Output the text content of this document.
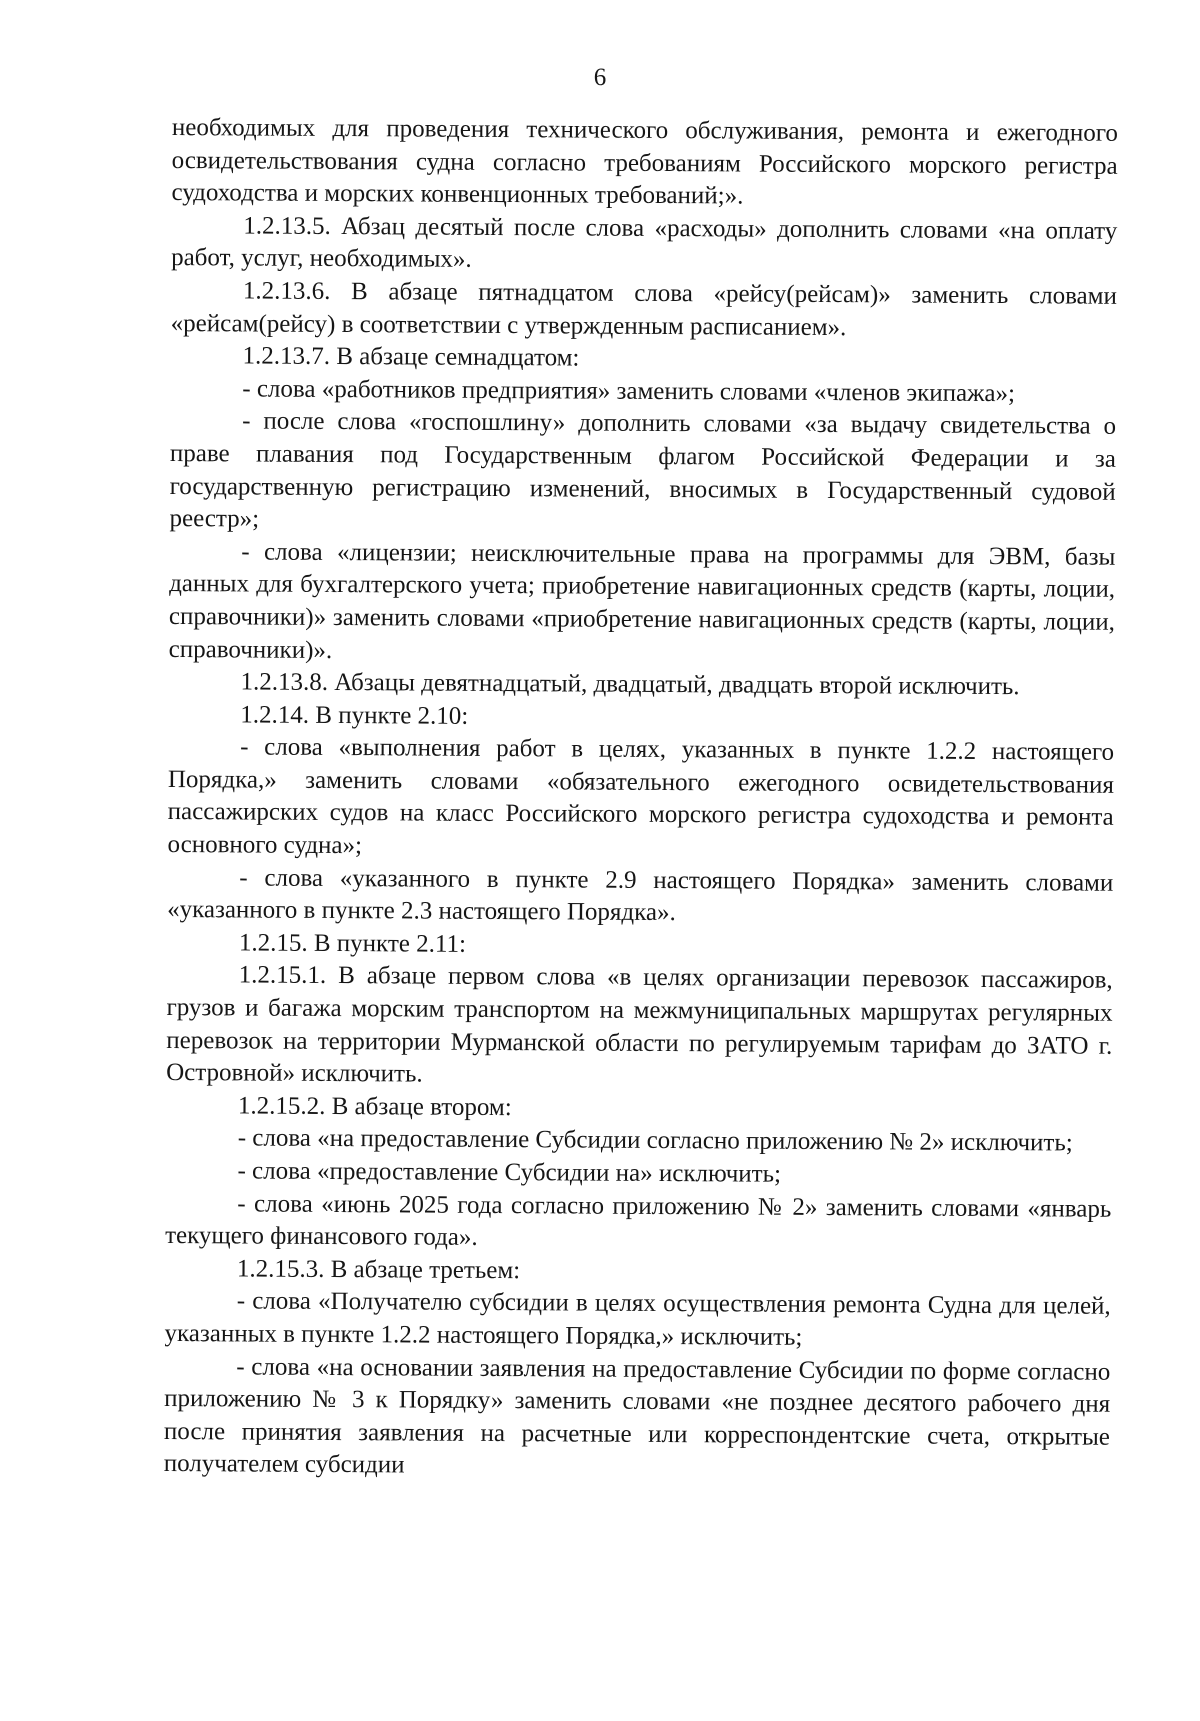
6

необходимых для проведения технического обслуживания, ремонта и ежегодного освидетельствования судна согласно требованиям Российского морского регистра судоходства и морских конвенционных требований;».

1.2.13.5. Абзац десятый после слова «расходы» дополнить словами «на оплату работ, услуг, необходимых».

1.2.13.6. В абзаце пятнадцатом слова «рейсу(рейсам)» заменить словами «рейсам(рейсу) в соответствии с утвержденным расписанием».

1.2.13.7. В абзаце семнадцатом:

- слова «работников предприятия» заменить словами «членов экипажа»;

- после слова «госпошлину» дополнить словами «за выдачу свидетельства о праве плавания под Государственным флагом Российской Федерации и за государственную регистрацию изменений, вносимых в Государственный судовой реестр»;

- слова «лицензии; неисключительные права на программы для ЭВМ, базы данных для бухгалтерского учета; приобретение навигационных средств (карты, лоции, справочники)» заменить словами «приобретение навигационных средств (карты, лоции, справочники)».

1.2.13.8. Абзацы девятнадцатый, двадцатый, двадцать второй исключить.

1.2.14. В пункте 2.10:

- слова «выполнения работ в целях, указанных в пункте 1.2.2 настоящего Порядка,» заменить словами «обязательного ежегодного освидетельствования пассажирских судов на класс Российского морского регистра судоходства и ремонта основного судна»;

- слова «указанного в пункте 2.9 настоящего Порядка» заменить словами «указанного в пункте 2.3 настоящего Порядка».

1.2.15. В пункте 2.11:

1.2.15.1. В абзаце первом слова «в целях организации перевозок пассажиров, грузов и багажа морским транспортом на межмуниципальных маршрутах регулярных перевозок на территории Мурманской области по регулируемым тарифам до ЗАТО г. Островной» исключить.

1.2.15.2. В абзаце втором:

- слова «на предоставление Субсидии согласно приложению № 2» исключить;

- слова «предоставление Субсидии на» исключить;

- слова «июнь 2025 года согласно приложению № 2» заменить словами «январь текущего финансового года».

1.2.15.3. В абзаце третьем:

- слова «Получателю субсидии в целях осуществления ремонта Судна для целей, указанных в пункте 1.2.2 настоящего Порядка,» исключить;

- слова «на основании заявления на предоставление Субсидии по форме согласно приложению № 3 к Порядку» заменить словами «не позднее десятого рабочего дня после принятия заявления на расчетные или корреспондентские счета, открытые получателем субсидии
